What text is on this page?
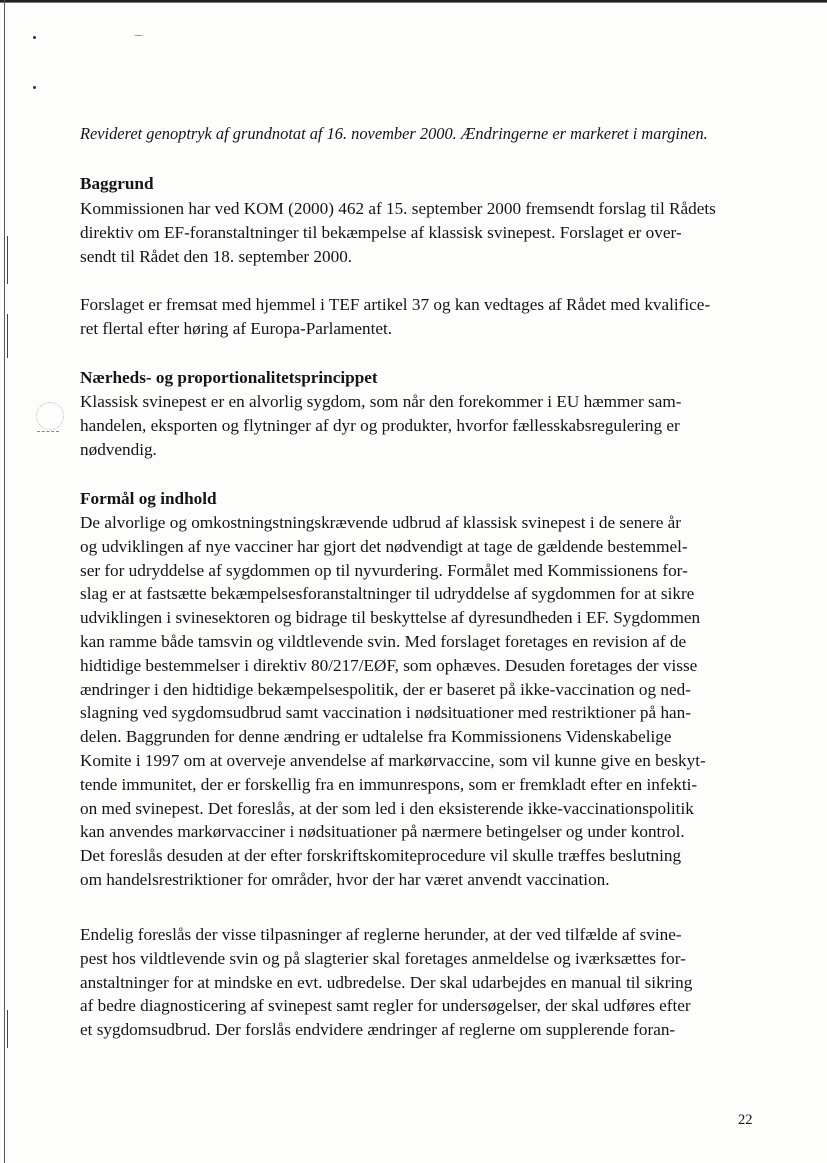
Revideret genoptryk af grundnotat af 16. november 2000. Ændringerne er markeret i marginen.

Baggrund

Kommissionen har ved KOM (2000) 462 af 15. september 2000 fremsendt forslag til Rådets
direktiv om EF-foranstaltninger til bekæmpelse af klassisk svinepest. Forslaget er over-
sendt til Rådet den 18. september 2000.

Forslaget er fremsat med hjemmel i TEF artikel 37 og kan vedtages af Rådet med kvalifice-
ret flertal efter høring af Europa-Parlamentet.

Nærheds- og proportionalitetsprincippet

Klassisk svinepest er en alvorlig sygdom, som når den forekommer i EU hæmmer sam-
handelen, eksporten og flytninger af dyr og produkter, hvorfor fællesskabsregulering er
nødvendig.

Formål og indhold

De alvorlige og omkostningstningskrævende udbrud af klassisk svinepest i de senere år
og udviklingen af nye vacciner har gjort det nødvendigt at tage de gældende bestemmel-
ser for udryddelse af sygdommen op til nyvurdering. Formålet med Kommissionens for-
slag er at fastsætte bekæmpelsesforanstaltninger til udryddelse af sygdommen for at sikre
udviklingen i svinesektoren og bidrage til beskyttelse af dyresundheden i EF. Sygdommen
kan ramme både tamsvin og vildtlevende svin. Med forslaget foretages en revision af de
hidtidige bestemmelser i direktiv 80/217/EØF, som ophæves. Desuden foretages der visse
ændringer i den hidtidige bekæmpelsespolitik, der er baseret på ikke-vaccination og ned-
slagning ved sygdomsudbrud samt vaccination i nødsituationer med restriktioner på han-
delen. Baggrunden for denne ændring er udtalelse fra Kommissionens Videnskabelige
Komite i 1997 om at overveje anvendelse af markørvaccine, som vil kunne give en beskyt-
tende immunitet, der er forskellig fra en immunrespons, som er fremkladt efter en infekti-
on med svinepest. Det foreslås, at der som led i den eksisterende ikke-vaccinationspolitik
kan anvendes markørvacciner i nødsituationer på nærmere betingelser og under kontrol.
Det foreslås desuden at der efter forskriftskomiteprocedure vil skulle træffes beslutning
om handelsrestriktioner for områder, hvor der har været anvendt vaccination.

Endelig foreslås der visse tilpasninger af reglerne herunder, at der ved tilfælde af svine-
pest hos vildtlevende svin og på slagterier skal foretages anmeldelse og iværksættes for-
anstaltninger for at mindske en evt. udbredelse. Der skal udarbejdes en manual til sikring
af bedre diagnosticering af svinepest samt regler for undersøgelser, der skal udføres efter
et sygdomsudbrud. Der forslås endvidere ændringer af reglerne om supplerende foran-

22
